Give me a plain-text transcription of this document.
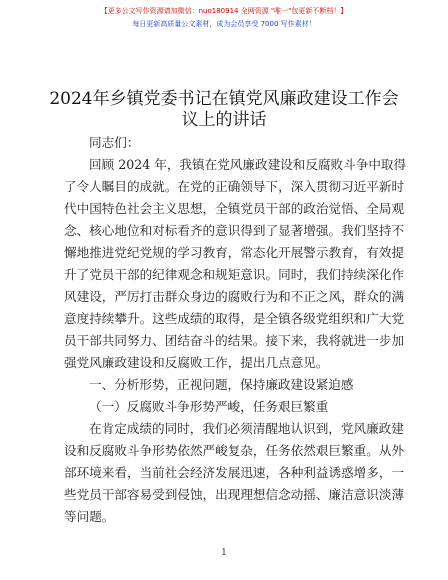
【更多公文写作资源请加微信：nuo180914 全网资源 "唯一"包更新不断档！】
每日更新高质量公文素材，成为会员享受 7000 写作素材！
2024年乡镇党委书记在镇党风廉政建设工作会
议上的讲话
同志们：
回顾 2024 年，我镇在党风廉政建设和反腐败斗争中取得
了令人瞩目的成就。在党的正确领导下，深入贯彻习近平新时
代中国特色社会主义思想，全镇党员干部的政治觉悟、全局观
念、核心地位和对标看齐的意识得到了显著增强。我们坚持不
懈地推进党纪党规的学习教育，常态化开展警示教育，有效提
升了党员干部的纪律观念和规矩意识。同时，我们持续深化作
风建设，严厉打击群众身边的腐败行为和不正之风，群众的满
意度持续攀升。这些成绩的取得，是全镇各级党组织和广大党
员干部共同努力、团结奋斗的结果。接下来，我将就进一步加
强党风廉政建设和反腐败工作，提出几点意见。
一、分析形势，正视问题，保持廉政建设紧迫感
（一）反腐败斗争形势严峻，任务艰巨繁重
在肯定成绩的同时，我们必须清醒地认识到，党风廉政建
设和反腐败斗争形势依然严峻复杂，任务依然艰巨繁重。从外
部环境来看，当前社会经济发展迅速，各种利益诱惑增多，一
些党员干部容易受到侵蚀，出现理想信念动摇、廉洁意识淡薄
等问题。
1
